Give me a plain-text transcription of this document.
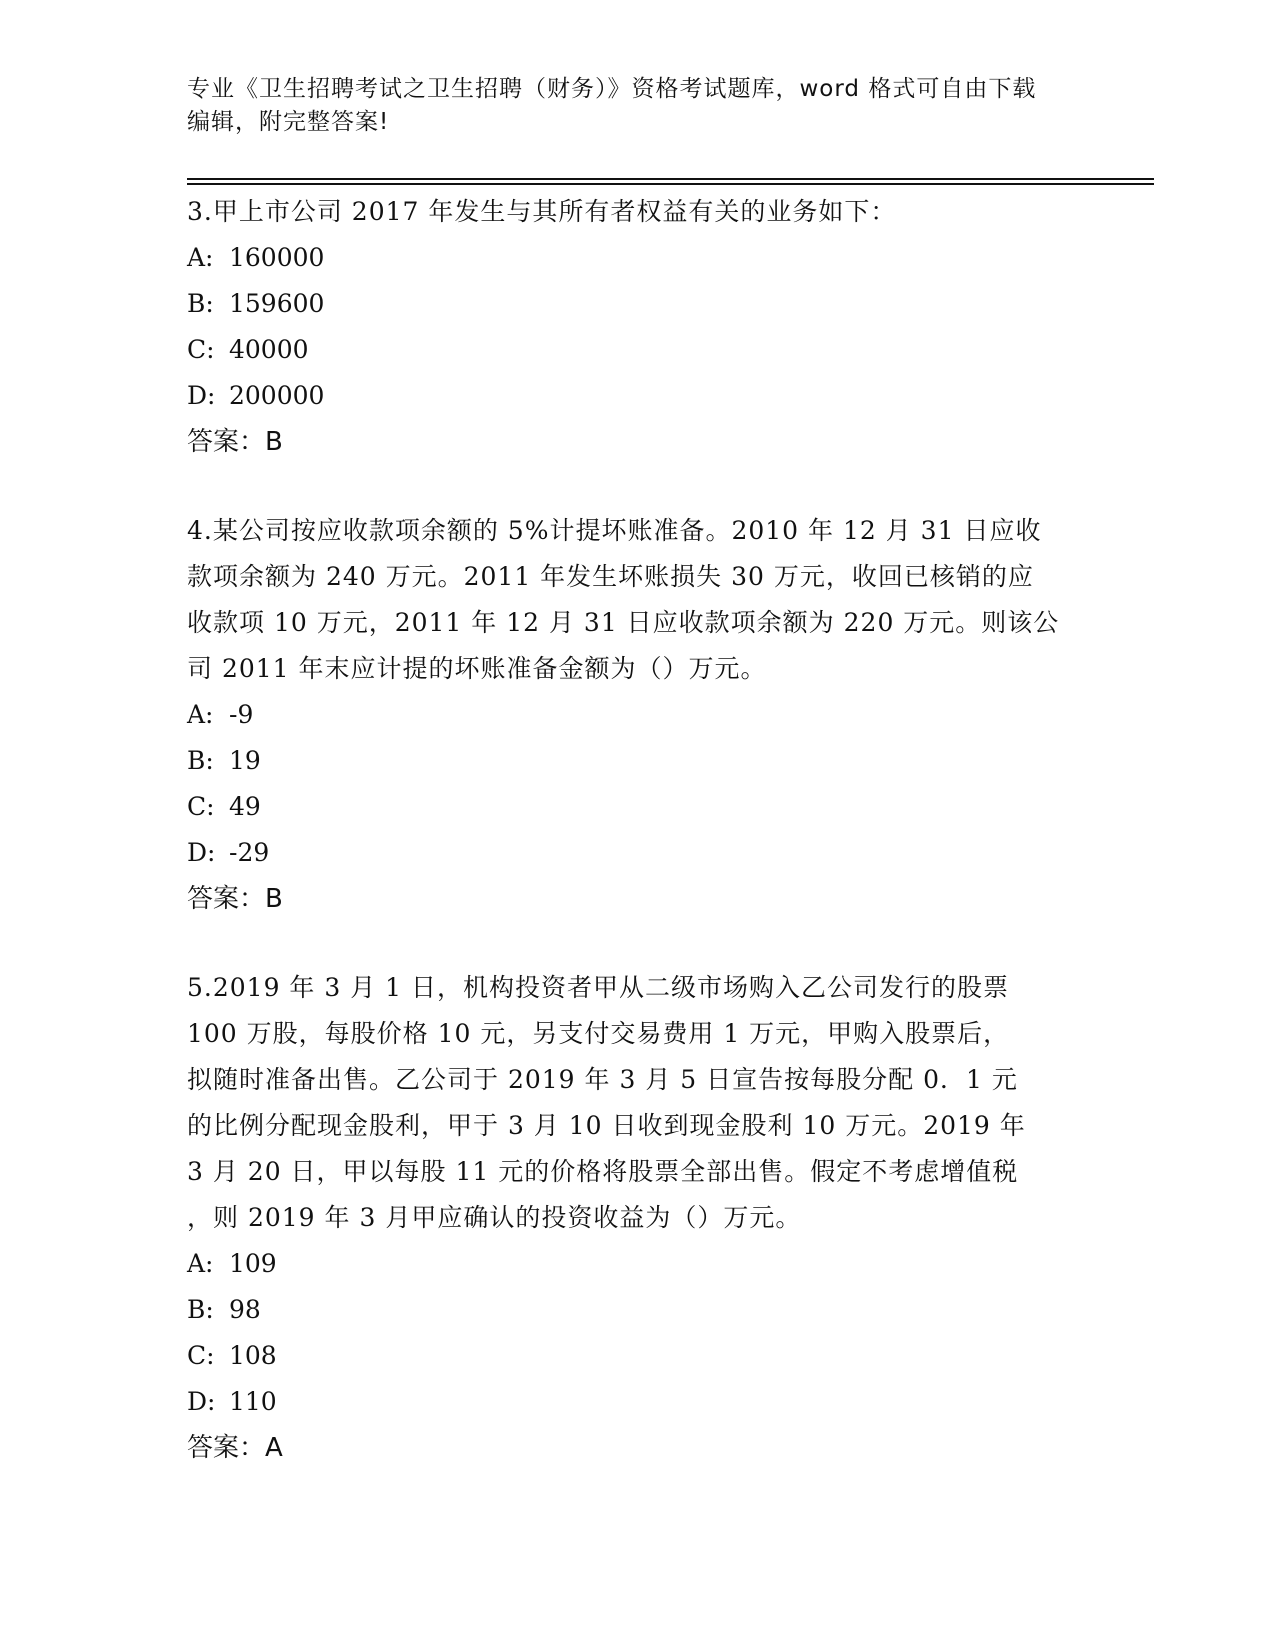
专业《卫生招聘考试之卫生招聘（财务）》资格考试题库，word 格式可自由下载
编辑，附完整答案!
3.甲上市公司 2017 年发生与其所有者权益有关的业务如下：
A: 160000
B: 159600
C: 40000
D: 200000
答案：B
4.某公司按应收款项余额的 5%计提坏账准备。2010 年 12 月 31 日应收
款项余额为 240 万元。2011 年发生坏账损失 30 万元，收回已核销的应
收款项 10 万元，2011 年 12 月 31 日应收款项余额为 220 万元。则该公
司 2011 年末应计提的坏账准备金额为（）万元。
A: -9
B: 19
C: 49
D: -29
答案：B
5.2019 年 3 月 1 日，机构投资者甲从二级市场购入乙公司发行的股票
100 万股，每股价格 10 元，另支付交易费用 1 万元，甲购入股票后，
拟随时准备出售。乙公司于 2019 年 3 月 5 日宣告按每股分配 0．1 元
的比例分配现金股利，甲于 3 月 10 日收到现金股利 10 万元。2019 年
3 月 20 日，甲以每股 11 元的价格将股票全部出售。假定不考虑增值税
，则 2019 年 3 月甲应确认的投资收益为（）万元。
A: 109
B: 98
C: 108
D: 110
答案：A
